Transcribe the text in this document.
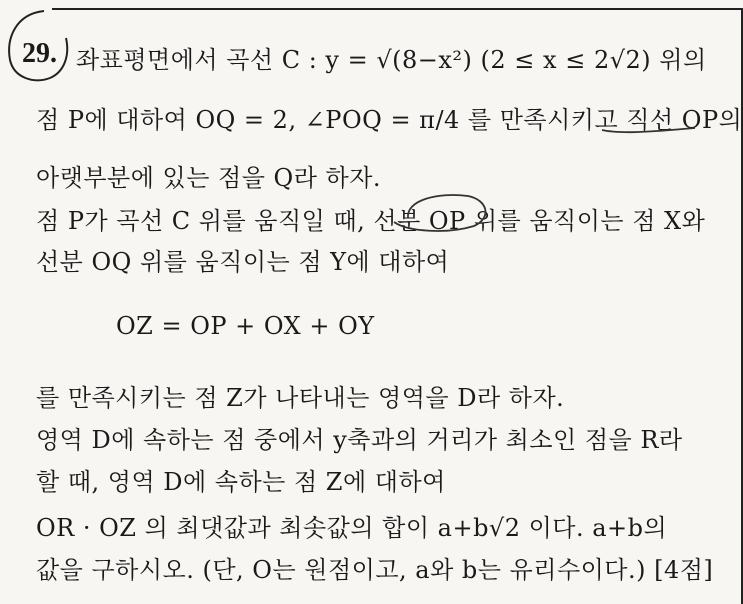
29. 좌표평면에서 곡선 C : y = √(8−x²) (2 ≤ x ≤ 2√2) 위의
점 P에 대하여 OQ = 2, ∠POQ = π/4 를 만족시키고 직선 OP의
아랫부분에 있는 점을 Q라 하자.
점 P가 곡선 C 위를 움직일 때, 선분 OP 위를 움직이는 점 X와
선분 OQ 위를 움직이는 점 Y에 대하여
OZ = OP + OX + OY
를 만족시키는 점 Z가 나타내는 영역을 D라 하자.
영역 D에 속하는 점 중에서 y축과의 거리가 최소인 점을 R라
할 때, 영역 D에 속하는 점 Z에 대하여
OR · OZ 의 최댓값과 최솟값의 합이 a+b√2 이다. a+b의
값을 구하시오. (단, O는 원점이고, a와 b는 유리수이다.) [4점]
